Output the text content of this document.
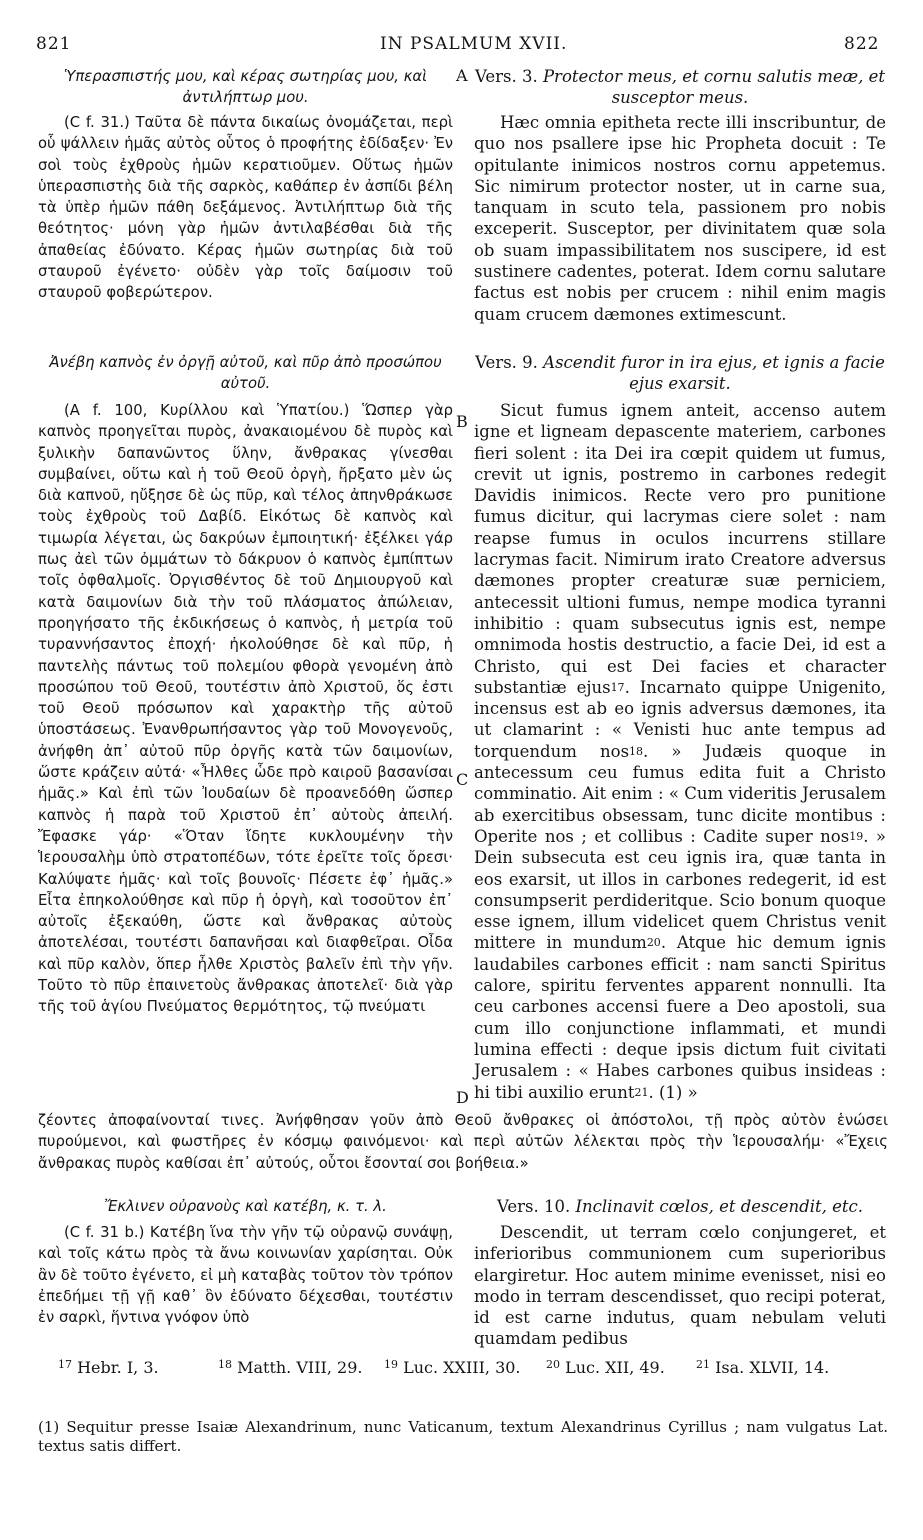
821	IN PSALMUM XVII.	822
Ὑπερασπιστής μου, καὶ κέρας σωτηρίας μου, καὶ ἀντιλήπτωρ μου.
(C f. 31.) Ταῦτα δὲ πάντα δικαίως ὀνομάζεται, περὶ οὗ ψάλλειν ἡμᾶς αὐτὸς οὗτος ὁ προφήτης ἐδίδαξεν· Ἐν σοὶ τοὺς ἐχθροὺς ἡμῶν κερατιοῦμεν. Οὕτως ἡμῶν ὑπερασπιστὴς διὰ τῆς σαρκὸς, καθάπερ ἐν ἀσπίδι βέλη τὰ ὑπὲρ ἡμῶν πάθη δεξάμενος. Ἀντιλήπτωρ διὰ τῆς θεότητος· μόνη γὰρ ἡμῶν ἀντιλαβέσθαι διὰ τῆς ἀπαθείας ἐδύνατο. Κέρας ἡμῶν σωτηρίας διὰ τοῦ σταυροῦ ἐγένετο· οὐδὲν γὰρ τοῖς δαίμοσιν τοῦ σταυροῦ φοβερώτερον.
Ἀνέβη καπνὸς ἐν ὀργῇ αὐτοῦ, καὶ πῦρ ἀπὸ προσώπου αὐτοῦ.
(A f. 100, Κυρίλλου καὶ Ὑπατίου.) Ὥσπερ γὰρ καπνὸς προηγεῖται πυρὸς, ἀνακαιομένου δὲ πυρὸς καὶ ξυλικὴν δαπανῶντος ὕλην, ἄνθρακας γίνεσθαι συμβαίνει, οὕτω καὶ ἡ τοῦ Θεοῦ ὀργὴ, ἤρξατο μὲν ὡς διὰ καπνοῦ, ηὔξησε δὲ ὡς πῦρ, καὶ τέλος ἀπηνθράκωσε τοὺς ἐχθροὺς τοῦ Δαβίδ. Εἰκότως δὲ καπνὸς καὶ τιμωρία λέγεται, ὡς δακρύων ἐμποιητική· ἐξέλκει γάρ πως ἀεὶ τῶν ὀμμάτων τὸ δάκρυον ὁ καπνὸς ἐμπίπτων τοῖς ὀφθαλμοῖς. Ὀργισθέντος δὲ τοῦ Δημιουργοῦ καὶ κατὰ δαιμονίων διὰ τὴν τοῦ πλάσματος ἀπώλειαν, προηγήσατο τῆς ἐκδικήσεως ὁ καπνὸς, ἡ μετρία τοῦ τυραννήσαντος ἐποχή· ἠκολούθησε δὲ καὶ πῦρ, ἡ παντελὴς πάντως τοῦ πολεμίου φθορὰ γενομένη ἀπὸ προσώπου τοῦ Θεοῦ, τουτέστιν ἀπὸ Χριστοῦ, ὅς ἐστι τοῦ Θεοῦ πρόσωπον καὶ χαρακτὴρ τῆς αὐτοῦ ὑποστάσεως. Ἐνανθρωπήσαντος γὰρ τοῦ Μονογενοῦς, ἀνήφθη ἀπ᾽ αὐτοῦ πῦρ ὀργῆς κατὰ τῶν δαιμονίων, ὥστε κράζειν αὐτά· «Ἦλθες ὧδε πρὸ καιροῦ βασανίσαι ἡμᾶς.» Καὶ ἐπὶ τῶν Ἰουδαίων δὲ προανεδόθη ὥσπερ καπνὸς ἡ παρὰ τοῦ Χριστοῦ ἐπ᾽ αὐτοὺς ἀπειλή. Ἔφασκε γάρ· «Ὅταν ἴδητε κυκλουμένην τὴν Ἱερουσαλὴμ ὑπὸ στρατοπέδων, τότε ἐρεῖτε τοῖς ὄρεσι· Καλύψατε ἡμᾶς· καὶ τοῖς βουνοῖς· Πέσετε ἐφ᾽ ἡμᾶς.» Εἶτα ἐπηκολούθησε καὶ πῦρ ἡ ὀργὴ, καὶ τοσοῦτον ἐπ᾽ αὐτοῖς ἐξεκαύθη, ὥστε καὶ ἄνθρακας αὐτοὺς ἀποτελέσαι, τουτέστι δαπανῆσαι καὶ διαφθεῖραι. Οἶδα καὶ πῦρ καλὸν, ὅπερ ἦλθε Χριστὸς βαλεῖν ἐπὶ τὴν γῆν. Τοῦτο τὸ πῦρ ἐπαινετοὺς ἄνθρακας ἀποτελεῖ· διὰ γὰρ τῆς τοῦ ἁγίου Πνεύματος θερμότητος, τῷ πνεύματι
ζέοντες ἀποφαίνονταί τινες. Ἀνήφθησαν γοῦν ἀπὸ Θεοῦ ἄνθρακες οἱ ἀπόστολοι, τῇ πρὸς αὐτὸν ἑνώσει πυρούμενοι, καὶ φωστῆρες ἐν κόσμῳ φαινόμενοι· καὶ περὶ αὐτῶν λέλεκται πρὸς τὴν Ἱερουσαλήμ· «Ἔχεις ἄνθρακας πυρὸς καθίσαι ἐπ᾽ αὐτούς, οὗτοι ἔσονταί σοι βοήθεια.»
Ἔκλινεν οὐρανοὺς καὶ κατέβη, κ. τ. λ.
(C f. 31 b.) Κατέβη ἵνα τὴν γῆν τῷ οὐρανῷ συνάψῃ, καὶ τοῖς κάτω πρὸς τὰ ἄνω κοινωνίαν χαρίσηται. Οὐκ ἂν δὲ τοῦτο ἐγένετο, εἰ μὴ καταβὰς τοῦτον τὸν τρόπον ἐπεδήμει τῇ γῇ καθ᾽ ὃν ἐδύνατο δέχεσθαι, τουτέστιν ἐν σαρκὶ, ἥντινα γνόφον ὑπὸ
A
B
C
D
Vers. 3. Protector meus, et cornu salutis meæ, et susceptor meus.
Hæc omnia epitheta recte illi inscribuntur, de quo nos psallere ipse hic Propheta docuit : Te opitulante inimicos nostros cornu appetemus. Sic nimirum protector noster, ut in carne sua, tanquam in scuto tela, passionem pro nobis exceperit. Susceptor, per divinitatem quæ sola ob suam impassibilitatem nos suscipere, id est sustinere cadentes, poterat. Idem cornu salutare factus est nobis per crucem : nihil enim magis quam crucem dæmones extimescunt.
Vers. 9. Ascendit furor in ira ejus, et ignis a facie ejus exarsit.
Sicut fumus ignem anteit, accenso autem igne et ligneam depascente materiem, carbones fieri solent : ita Dei ira cœpit quidem ut fumus, crevit ut ignis, postremo in carbones redegit Davidis inimicos. Recte vero pro punitione fumus dicitur, qui lacrymas ciere solet : nam reapse fumus in oculos incurrens stillare lacrymas facit. Nimirum irato Creatore adversus dæmones propter creaturæ suæ perniciem, antecessit ultioni fumus, nempe modica tyranni inhibitio : quam subsecutus ignis est, nempe omnimoda hostis destructio, a facie Dei, id est a Christo, qui est Dei facies et character substantiæ ejus$^{17}$. Incarnato quippe Unigenito, incensus est ab eo ignis adversus dæmones, ita ut clamarint : « Venisti huc ante tempus ad torquendum nos$^{18}$. » Judæis quoque in antecessum ceu fumus edita fuit a Christo comminatio. Ait enim : « Cum videritis Jerusalem ab exercitibus obsessam, tunc dicite montibus : Operite nos ; et collibus : Cadite super nos$^{19}$. » Dein subsecuta est ceu ignis ira, quæ tanta in eos exarsit, ut illos in carbones redegerit, id est consumpserit perdideritque. Scio bonum quoque esse ignem, illum videlicet quem Christus venit mittere in mundum$^{20}$. Atque hic demum ignis laudabiles carbones efficit : nam sancti Spiritus calore, spiritu ferventes apparent nonnulli. Ita ceu carbones accensi fuere a Deo apostoli, sua cum illo conjunctione inflammati, et mundi lumina effecti : deque ipsis dictum fuit civitati Jerusalem : « Habes carbones quibus insideas : hi tibi auxilio erunt$^{21}$. (1) »
Vers. 10. Inclinavit cœlos, et descendit, etc.
Descendit, ut terram cœlo conjungeret, et inferioribus communionem cum superioribus elargiretur. Hoc autem minime evenisset, nisi eo modo in terram descendisset, quo recipi poterat, id est carne indutus, quam nebulam veluti quamdam pedibus
$^{17}$ Hebr. I, 3.	$^{18}$ Matth. VIII, 29. $^{19}$ Luc. XXIII, 30. $^{20}$ Luc. XII, 49.	$^{21}$ Isa. XLVII, 14.
(1) Sequitur presse Isaiæ Alexandrinum, nunc Vaticanum, textum Alexandrinus Cyrillus ; nam vulgatus Lat. textus satis differt.
